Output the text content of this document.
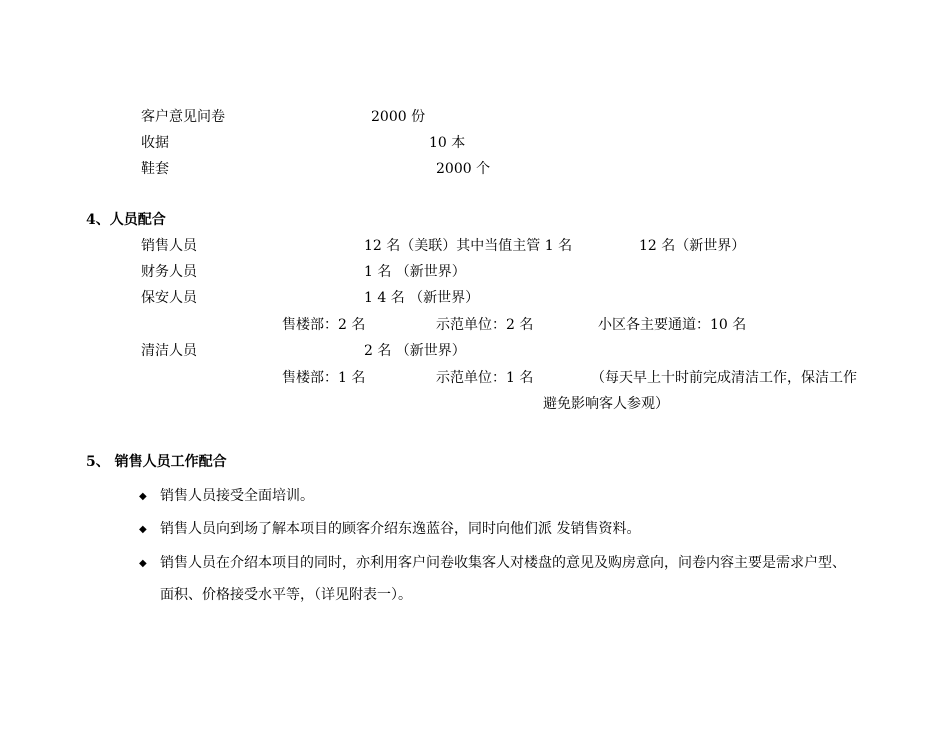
客户意见问卷	2000 份
收据	10 本
鞋套	2000 个
4、人员配合
销售人员	12 名（美联）其中当值主管 1 名	12 名（新世界）
财务人员	1 名 （新世界）
保安人员	1 4 名 （新世界）
售楼部：2 名	示范单位：2 名	小区各主要通道：10 名
清洁人员	2 名 （新世界）
售楼部：1 名	示范单位：1 名	（每天早上十时前完成清洁工作，保洁工作
避免影响客人参观）
5、 销售人员工作配合
◆ 销售人员接受全面培训。
◆ 销售人员向到场了解本项目的顾客介绍东逸蓝谷，同时向他们派 发销售资料。
◆ 销售人员在介绍本项目的同时，亦利用客户问卷收集客人对楼盘的意见及购房意向，问卷内容主要是需求户型、
面积、价格接受水平等，（详见附表一）。
